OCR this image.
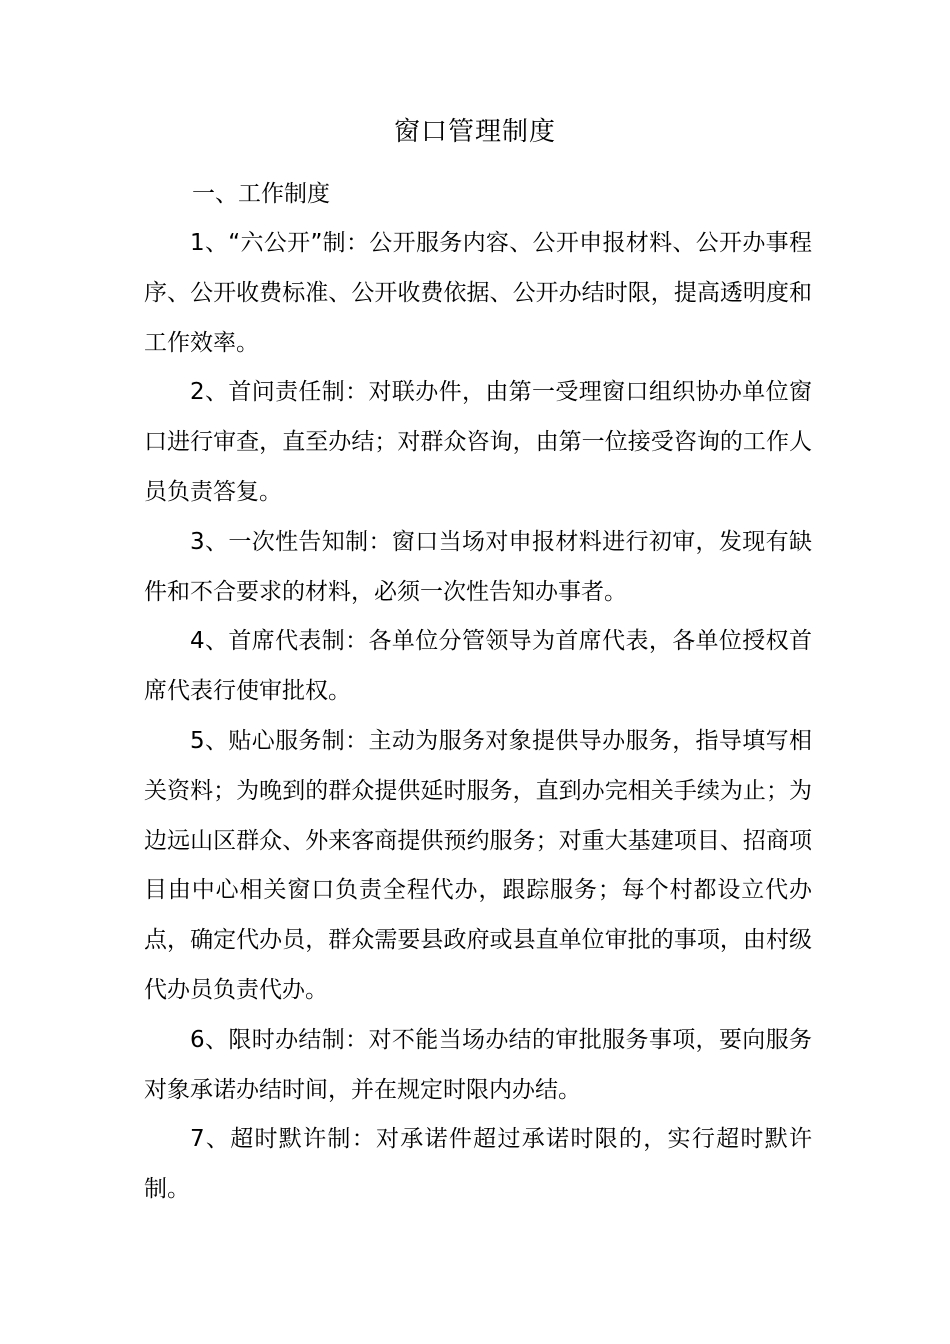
窗口管理制度
一、工作制度

1、“六公开”制：公开服务内容、公开申报材料、公开办事程序、公开收费标准、公开收费依据、公开办结时限，提高透明度和工作效率。

2、首问责任制：对联办件，由第一受理窗口组织协办单位窗口进行审查，直至办结；对群众咨询，由第一位接受咨询的工作人员负责答复。

3、一次性告知制：窗口当场对申报材料进行初审，发现有缺件和不合要求的材料，必须一次性告知办事者。

4、首席代表制：各单位分管领导为首席代表，各单位授权首席代表行使审批权。

5、贴心服务制：主动为服务对象提供导办服务，指导填写相关资料；为晚到的群众提供延时服务，直到办完相关手续为止；为边远山区群众、外来客商提供预约服务；对重大基建项目、招商项目由中心相关窗口负责全程代办，跟踪服务；每个村都设立代办点，确定代办员，群众需要县政府或县直单位审批的事项，由村级代办员负责代办。

6、限时办结制：对不能当场办结的审批服务事项，要向服务对象承诺办结时间，并在规定时限内办结。

7、超时默许制：对承诺件超过承诺时限的，实行超时默许制。
